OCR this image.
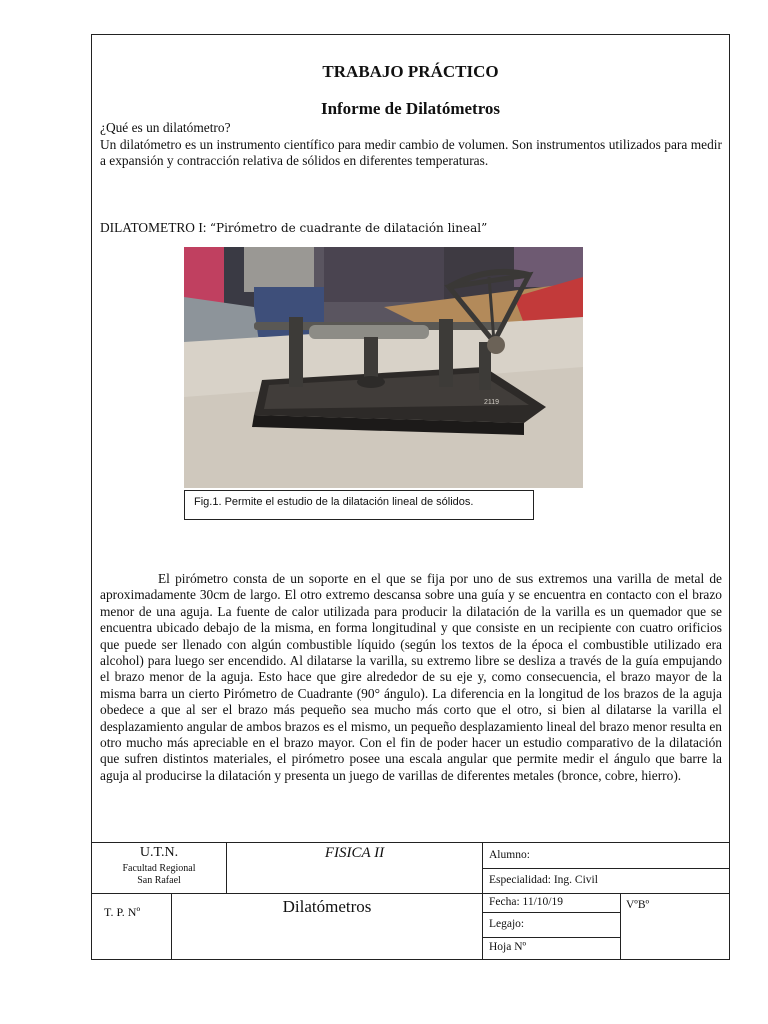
TRABAJO PRÁCTICO
Informe de Dilatómetros

¿Qué es un dilatómetro?

Un dilatómetro es un instrumento científico para medir cambio de volumen. Son instrumentos utilizados para medir a expansión y contracción relativa de sólidos en diferentes temperaturas.

DILATOMETRO I: “Pirómetro de cuadrante de dilatación lineal”
2119
Fig.1. Permite el estudio de la dilatación lineal de sólidos.

El pirómetro consta de un soporte en el que se fija por uno de sus extremos una varilla de metal de aproximadamente 30cm de largo. El otro extremo descansa sobre una guía y se encuentra en contacto con el brazo menor de una aguja. La fuente de calor utilizada para producir la dilatación de la varilla es un quemador que se encuentra ubicado debajo de la misma, en forma longitudinal y que consiste en un recipiente con cuatro orificios que puede ser llenado con algún combustible líquido (según los textos de la época el combustible utilizado era alcohol) para luego ser encendido. Al dilatarse la varilla, su extremo libre se desliza a través de la guía empujando el brazo menor de la aguja. Esto hace que gire alrededor de su eje y, como consecuencia, el brazo mayor de la misma barra un cierto Pirómetro de Cuadrante (90° ángulo). La diferencia en la longitud de los brazos de la aguja obedece a que al ser el brazo más pequeño sea mucho más corto que el otro, si bien al dilatarse la varilla el desplazamiento angular de ambos brazos es el mismo, un pequeño desplazamiento lineal del brazo menor resulta en otro mucho más apreciable en el brazo mayor. Con el fin de poder hacer un estudio comparativo de la dilatación que sufren distintos materiales, el pirómetro posee una escala angular que permite medir el ángulo que barre la aguja al producirse la dilatación y presenta un juego de varillas de diferentes metales (bronce, cobre, hierro).

U.T.N.
Facultad Regional
San Rafael
FISICA II
T. P. Nº	Dilatómetros
Alumno:
Especialidad: Ing. Civil
Fecha: 11/10/19	VºBº
Legajo:
Hoja Nº
